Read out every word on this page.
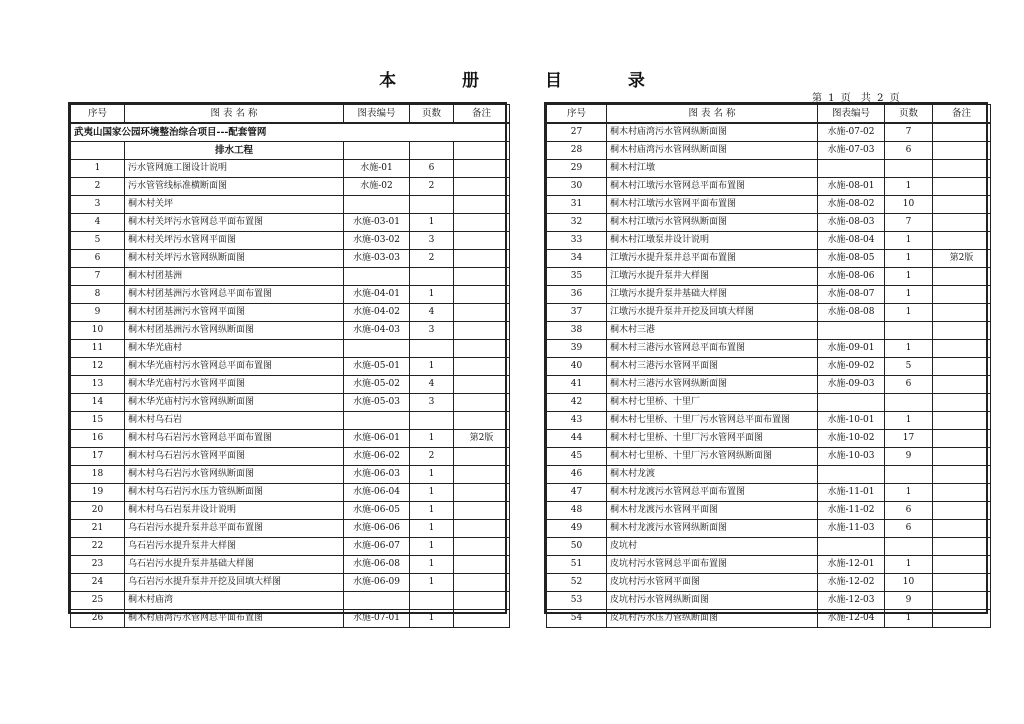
本 册 目 录
第 1 页 共 2 页
序号	图 表 名 称	图表编号	页数	备注
武夷山国家公园环境整治综合项目---配套管网				
	排水工程			
1	污水管网施工图设计说明	水施-01	6	
2	污水管管线标准横断面图	水施-02	2	
3	桐木村关坪			
4	桐木村关坪污水管网总平面布置图	水施-03-01	1	
5	桐木村关坪污水管网平面图	水施-03-02	3	
6	桐木村关坪污水管网纵断面图	水施-03-03	2	
7	桐木村团基洲			
8	桐木村团基洲污水管网总平面布置图	水施-04-01	1	
9	桐木村团基洲污水管网平面图	水施-04-02	4	
10	桐木村团基洲污水管网纵断面图	水施-04-03	3	
11	桐木华光庙村			
12	桐木华光庙村污水管网总平面布置图	水施-05-01	1	
13	桐木华光庙村污水管网平面图	水施-05-02	4	
14	桐木华光庙村污水管网纵断面图	水施-05-03	3	
15	桐木村乌石岩			
16	桐木村乌石岩污水管网总平面布置图	水施-06-01	1	第2版
17	桐木村乌石岩污水管网平面图	水施-06-02	2	
18	桐木村乌石岩污水管网纵断面图	水施-06-03	1	
19	桐木村乌石岩污水压力管纵断面图	水施-06-04	1	
20	桐木村乌石岩泵井设计说明	水施-06-05	1	
21	乌石岩污水提升泵井总平面布置图	水施-06-06	1	
22	乌石岩污水提升泵井大样图	水施-06-07	1	
23	乌石岩污水提升泵井基础大样图	水施-06-08	1	
24	乌石岩污水提升泵井开挖及回填大样图	水施-06-09	1	
25	桐木村庙湾			
26	桐木村庙湾污水管网总平面布置图	水施-07-01	1	
序号	图 表 名 称	图表编号	页数	备注
27	桐木村庙湾污水管网纵断面图	水施-07-02	7	
28	桐木村庙湾污水管网纵断面图	水施-07-03	6	
29	桐木村江墩			
30	桐木村江墩污水管网总平面布置图	水施-08-01	1	
31	桐木村江墩污水管网平面布置图	水施-08-02	10	
32	桐木村江墩污水管网纵断面图	水施-08-03	7	
33	桐木村江墩泵井设计说明	水施-08-04	1	
34	江墩污水提升泵井总平面布置图	水施-08-05	1	第2版
35	江墩污水提升泵井大样图	水施-08-06	1	
36	江墩污水提升泵井基础大样图	水施-08-07	1	
37	江墩污水提升泵井开挖及回填大样图	水施-08-08	1	
38	桐木村三港			
39	桐木村三港污水管网总平面布置图	水施-09-01	1	
40	桐木村三港污水管网平面图	水施-09-02	5	
41	桐木村三港污水管网纵断面图	水施-09-03	6	
42	桐木村七里桥、十里厂			
43	桐木村七里桥、十里厂污水管网总平面布置图	水施-10-01	1	
44	桐木村七里桥、十里厂污水管网平面图	水施-10-02	17	
45	桐木村七里桥、十里厂污水管网纵断面图	水施-10-03	9	
46	桐木村龙渡			
47	桐木村龙渡污水管网总平面布置图	水施-11-01	1	
48	桐木村龙渡污水管网平面图	水施-11-02	6	
49	桐木村龙渡污水管网纵断面图	水施-11-03	6	
50	皮坑村			
51	皮坑村污水管网总平面布置图	水施-12-01	1	
52	皮坑村污水管网平面图	水施-12-02	10	
53	皮坑村污水管网纵断面图	水施-12-03	9	
54	皮坑村污水压力管纵断面图	水施-12-04	1	
